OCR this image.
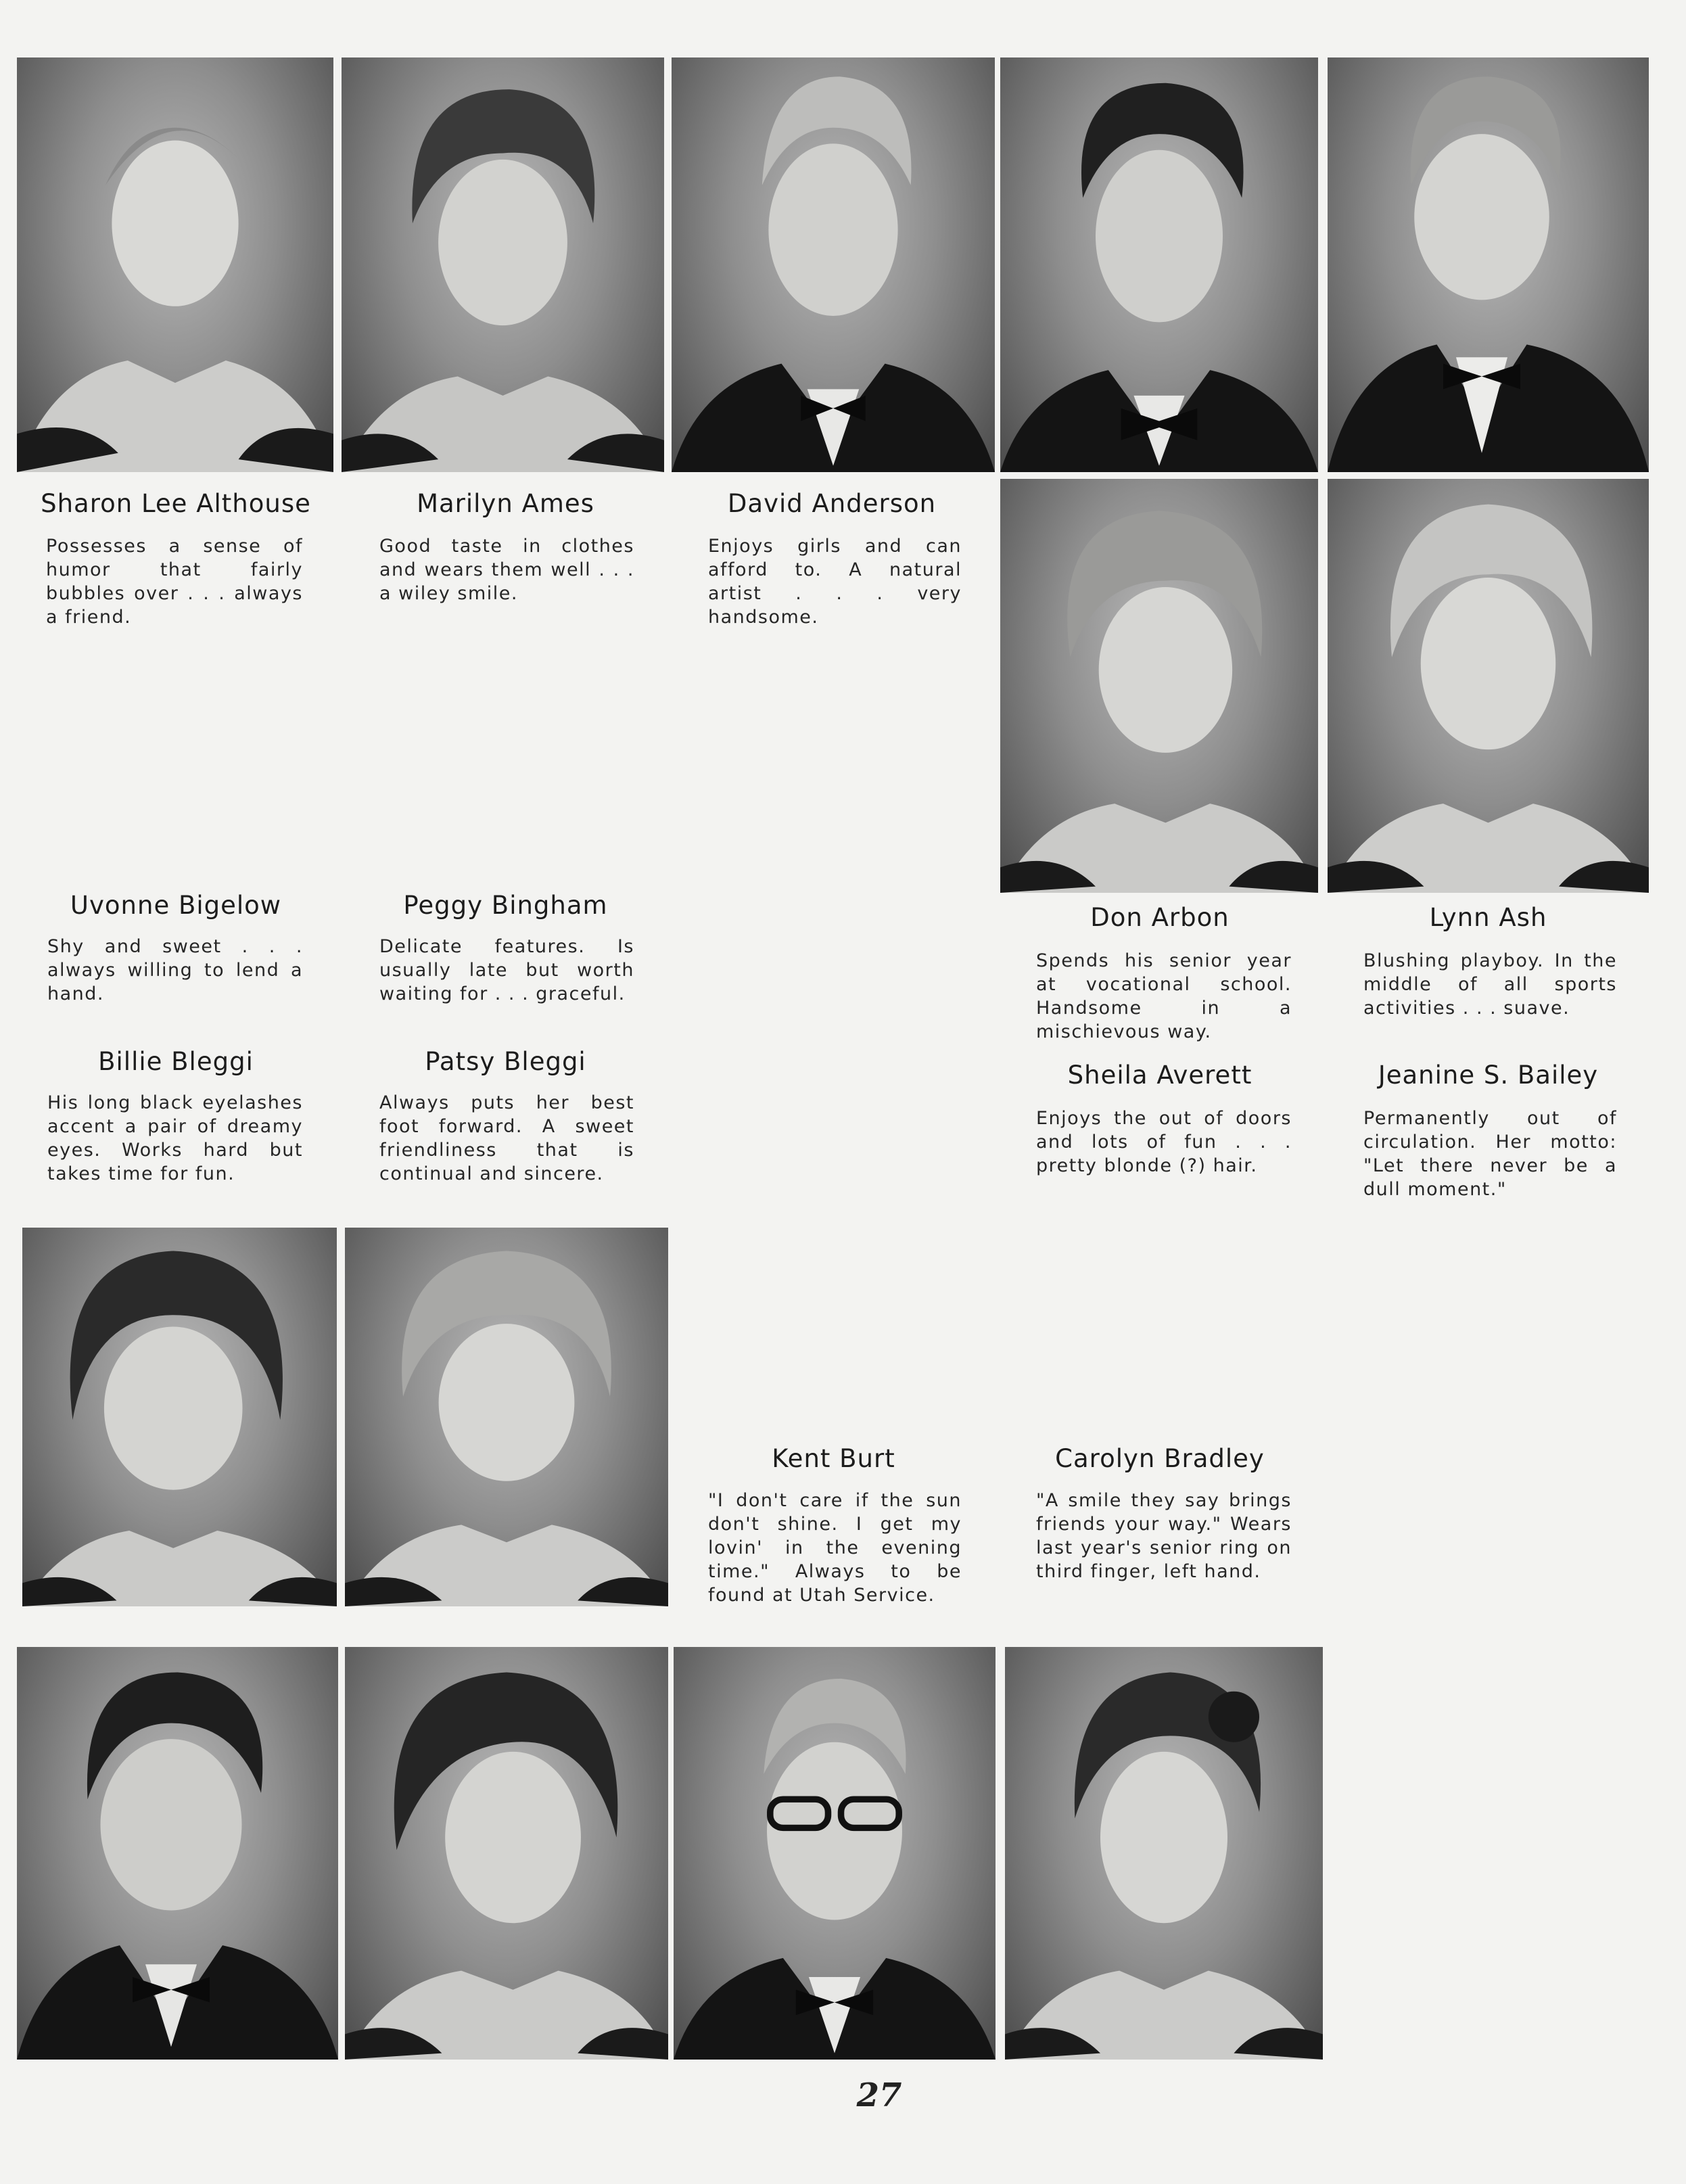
Sharon Lee Althouse
Possesses a sense of humor that fairly bubbles over . . . always a friend.
Marilyn Ames
Good taste in clothes and wears them well . . . a wiley smile.
David Anderson
Enjoys girls and can afford to. A natural artist . . . very handsome.
Don Arbon
Spends his senior year at vocational school. Handsome in a mischievous way.
Lynn Ash
Blushing playboy. In the middle of all sports activities . . . suave.
Uvonne Bigelow
Shy and sweet . . . always willing to lend a hand.
Peggy Bingham
Delicate features. Is usually late but worth waiting for . . . graceful.
Sheila Averett
Enjoys the out of doors and lots of fun . . . pretty blonde (?) hair.
Jeanine S. Bailey
Permanently out of circulation. Her motto: "Let there never be a dull moment."
Billie Bleggi
His long black eyelashes accent a pair of dreamy eyes. Works hard but takes time for fun.
Patsy Bleggi
Always puts her best foot forward. A sweet friendliness that is continual and sincere.
Kent Burt
"I don't care if the sun don't shine. I get my lovin' in the evening time." Always to be found at Utah Service.
Carolyn Bradley
"A smile they say brings friends your way." Wears last year's senior ring on third finger, left hand.
27
